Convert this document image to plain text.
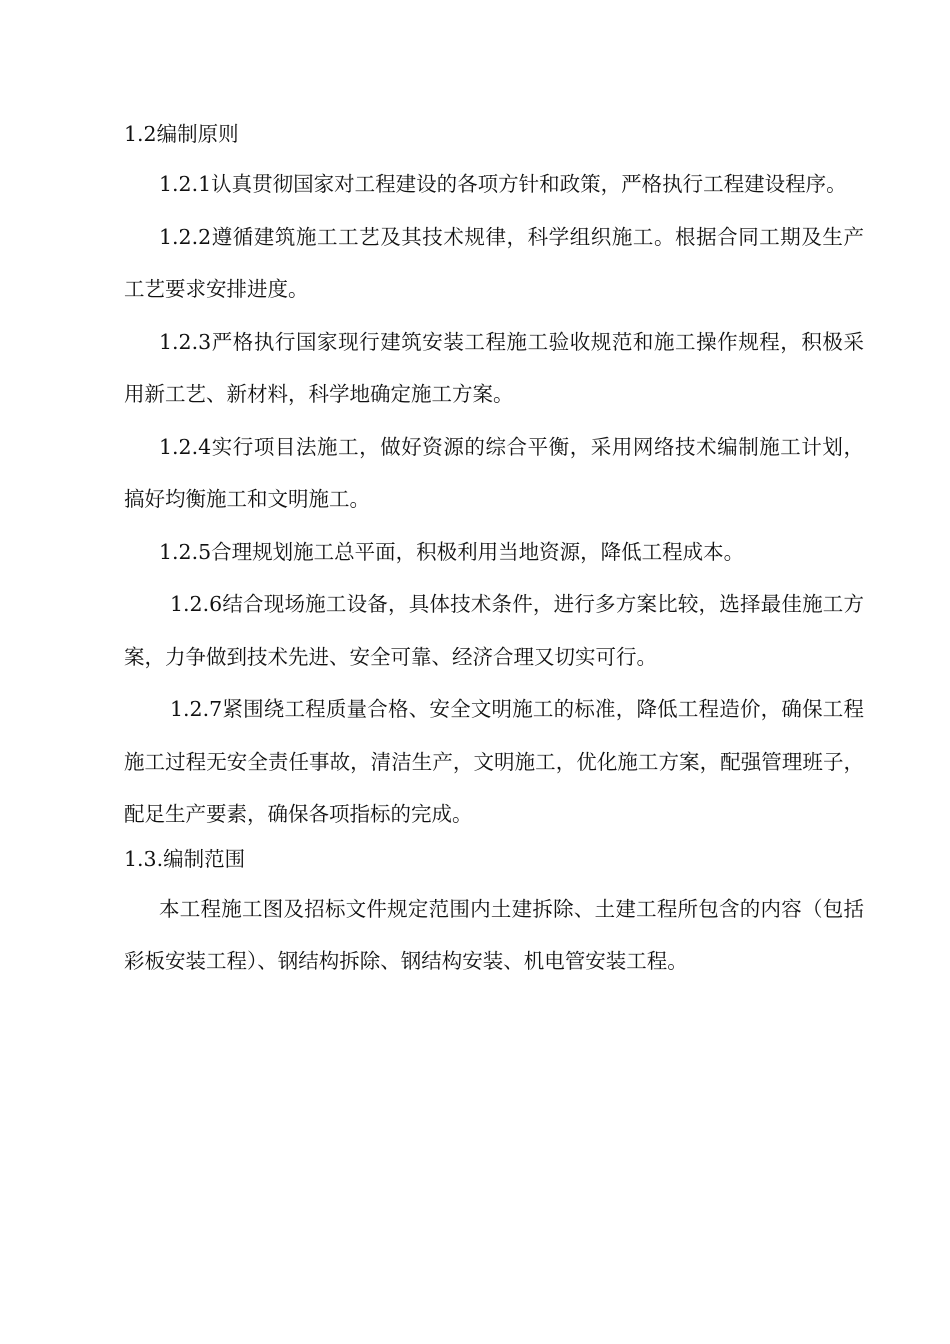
1.2编制原则

1.2.1认真贯彻国家对工程建设的各项方针和政策，严格执行工程建设程序。

1.2.2遵循建筑施工工艺及其技术规律，科学组织施工。根据合同工期及生产工艺要求安排进度。

1.2.3严格执行国家现行建筑安装工程施工验收规范和施工操作规程，积极采用新工艺、新材料，科学地确定施工方案。

1.2.4实行项目法施工，做好资源的综合平衡，采用网络技术编制施工计划，搞好均衡施工和文明施工。

1.2.5合理规划施工总平面，积极利用当地资源，降低工程成本。

1.2.6结合现场施工设备，具体技术条件，进行多方案比较，选择最佳施工方案，力争做到技术先进、安全可靠、经济合理又切实可行。

1.2.7紧围绕工程质量合格、安全文明施工的标准，降低工程造价，确保工程施工过程无安全责任事故，清洁生产，文明施工，优化施工方案，配强管理班子，配足生产要素，确保各项指标的完成。

1.3.编制范围

本工程施工图及招标文件规定范围内土建拆除、土建工程所包含的内容（包括彩板安装工程）、钢结构拆除、钢结构安装、机电管安装工程。
